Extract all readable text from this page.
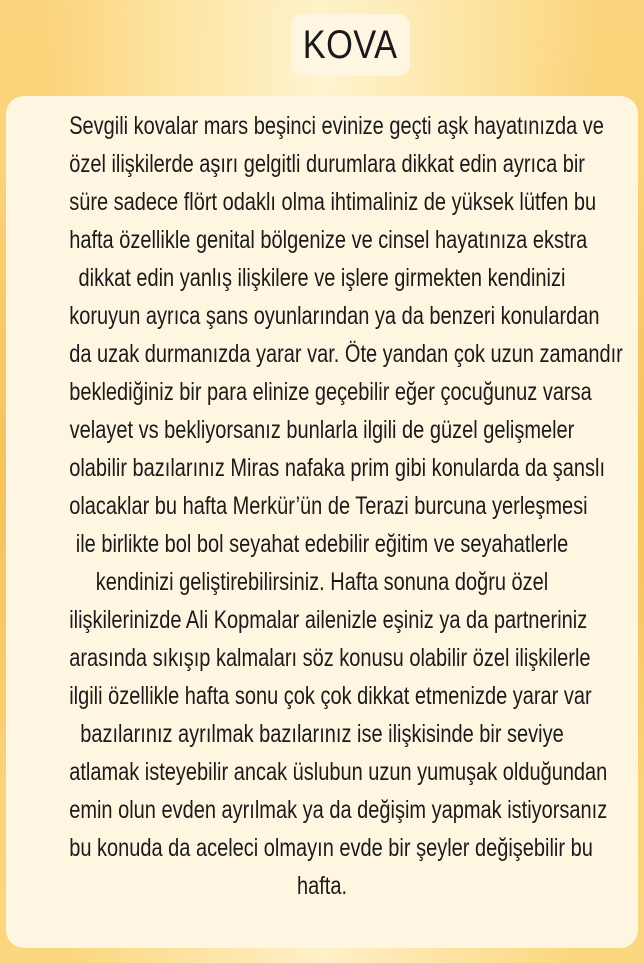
KOVA
Sevgili kovalar mars beşinci evinize geçti aşk hayatınızda ve
özel ilişkilerde aşırı gelgitli durumlara dikkat edin ayrıca bir
süre sadece flört odaklı olma ihtimaliniz de yüksek lütfen bu
hafta özellikle genital bölgenize ve cinsel hayatınıza ekstra
dikkat edin yanlış ilişkilere ve işlere girmekten kendinizi
koruyun ayrıca şans oyunlarından ya da benzeri konulardan
da uzak durmanızda yarar var. Öte yandan çok uzun zamandır
beklediğiniz bir para elinize geçebilir eğer çocuğunuz varsa
velayet vs bekliyorsanız bunlarla ilgili de güzel gelişmeler
olabilir bazılarınız Miras nafaka prim gibi konularda da şanslı
olacaklar bu hafta Merkür’ün de Terazi burcuna yerleşmesi
ile birlikte bol bol seyahat edebilir eğitim ve seyahatlerle
kendinizi geliştirebilirsiniz. Hafta sonuna doğru özel
ilişkilerinizde Ali Kopmalar ailenizle eşiniz ya da partneriniz
arasında sıkışıp kalmaları söz konusu olabilir özel ilişkilerle
ilgili özellikle hafta sonu çok çok dikkat etmenizde yarar var
bazılarınız ayrılmak bazılarınız ise ilişkisinde bir seviye
atlamak isteyebilir ancak üslubun uzun yumuşak olduğundan
emin olun evden ayrılmak ya da değişim yapmak istiyorsanız
bu konuda da aceleci olmayın evde bir şeyler değişebilir bu
hafta.
